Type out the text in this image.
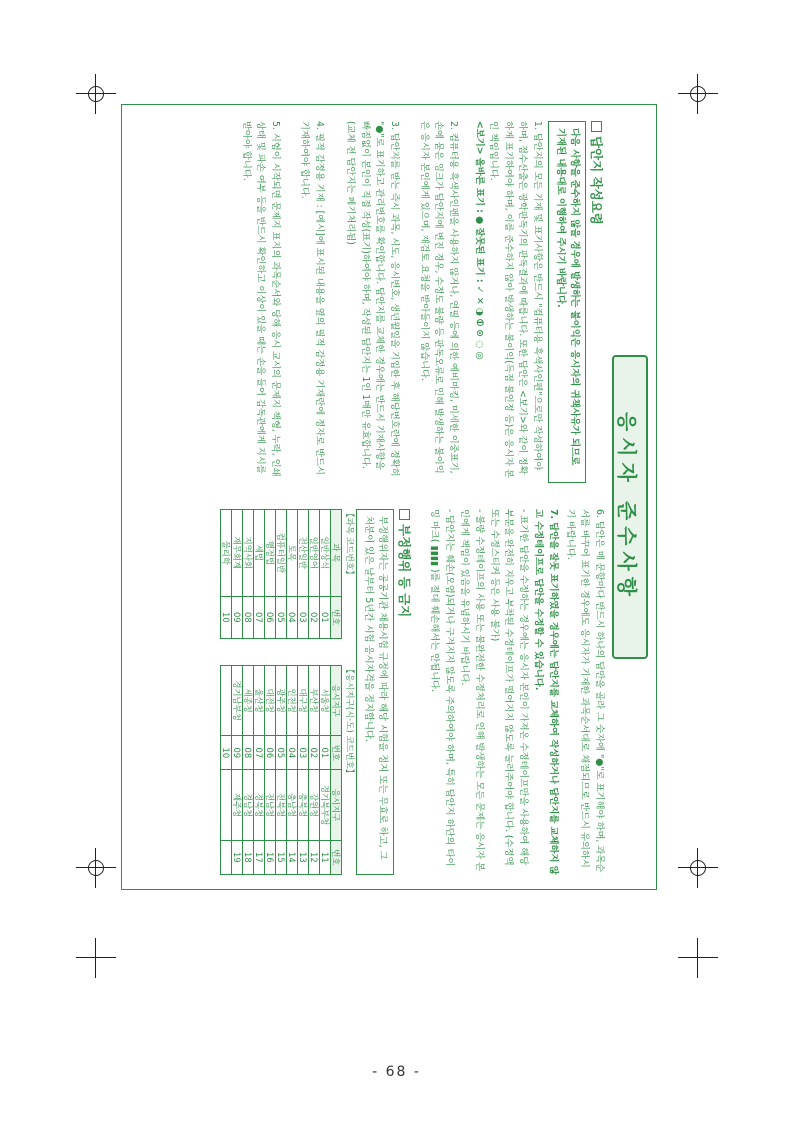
응시자 준수사항
답안지 작성요령
다음 사항을 준수하지 않을 경우에 발생하는 불이익은 응시자의 귀책사유가 되므로 기재된 내용대로 이행하여 주시기 바랍니다.
1. 답안지의 모든 기재 및 표기사항은 반드시 "컴퓨터용 흑색사인펜"으로만 작성하여야 하며, 점수산출은 광학판독기의 판독결과에 따릅니다. 또한 답안은 <보기>와 같이 정확하게 표기하여야 하며, 이를 준수하지 않아 발생하는 불이익(득점 불인정 등)은 응시자 본인 책임입니다.
<보기> 올바른 표기 : ● 잘못된 표기 : ✓ ✕ ◑ ⦶ ⊙ ◌ ◎
2. 컴퓨터용 흑색사인펜을 사용하지 않거나, 연필 등에 의한 예비마킹, 미세한 이중표기, 손에 묻은 잉크가 답안지에 번진 경우, 수정도 불량 등 판독오류로 인해 발생하는 불이익은 응시자 본인에게 있으며, 재검토 요청을 받아들이지 않습니다.
3. 답안지를 받는 즉시 과목, 시도, 응시번호, 생년월일을 기입한 후 해당번호란에 정확히 "●"로 표기하고 관리번호를 확인합니다. 답안지를 교체한 경우에는 반드시 기재사항을 빠짐없이 본인이 직접 작성(표기)하여야 하며, 작성된 답안지는 1인 1매만 유효합니다. (교체 전 답안지는 폐기처리됨)
4. 필적 감정용 기재 : [예시]에 표시된 내용을 옆의 필적 감정용 기재란에 정자로 반드시 기재하여야 합니다.
5. 시험이 시작되면 문제지 표지의 과목순서와 당해 응시 교시의 문제지 책형, 누락, 인쇄상태 및 파손 여부 등을 반드시 확인하고 이상이 있을 때는 손을 들어 감독관에게 지시를 받아야 합니다.
6. 답안은 매 문항마다 반드시 하나의 답만을 골라 그 숫자에 "●"로 표기해야 하며, 과목순서를 바꾸어 표기한 경우에도 응시자가 기재한 과목순서대로 채점되므로 반드시 유의하시기 바랍니다.
7. 답안을 잘못 표기하였을 경우에는 답안지를 교체하여 작성하거나 답안지를 교체하지 않고 수정테이프로 답안을 수정할 수 있습니다.
- 표기한 답안을 수정하는 경우에는 응시자 본인이 가져온 수정테이프만을 사용하여 해당 부분을 완전히 지우고 부착된 수정테이프가 떨어지지 않도록 눌러주어야 합니다. (수정액 또는 수정스티커 등은 사용 불가)
- 불량 수정테이프의 사용 또는 불완전한 수정처리로 인해 발생하는 모든 문제는 응시자 본인에게 책임이 있음을 유념하시기 바랍니다.
- 답안지는 훼손(오염)되거나 구겨지지 않도록 주의하여야 하며, 특히 답안지 하단의 타이밍 마크( ▮▮▮▮ )를 절대 훼손해서는 안됩니다.
부정행위 등 금지
부정행위자는 공공기관 채용시험 규정에 따라 해당 시험을 정지 또는 무효로 하고, 그 처분이 있은 날부터 5년간 시험 응시자격을 정지합니다.
【과목 코드번호】
과 목	번호
일반상식	01
일반영어	02
전산일반	03
토목	04
컴퓨터일반	05
행정법	06
세법	07
지역사회	08
재무회계	09
물리학	10
【응시지구(시·도) 코드번호】
응시지구	번호	응시지구	번호
서울청	01	경기북부청	11
부산청	02	강원청	12
대구청	03	충북청	13
인천청	04	충남청	14
광주청	05	전북청	15
대전청	06	전남청	16
울산청	07	경북청	17
세종청	08	경남청	18
경기남부청	09	제주청	19
	10		
- 68 -
